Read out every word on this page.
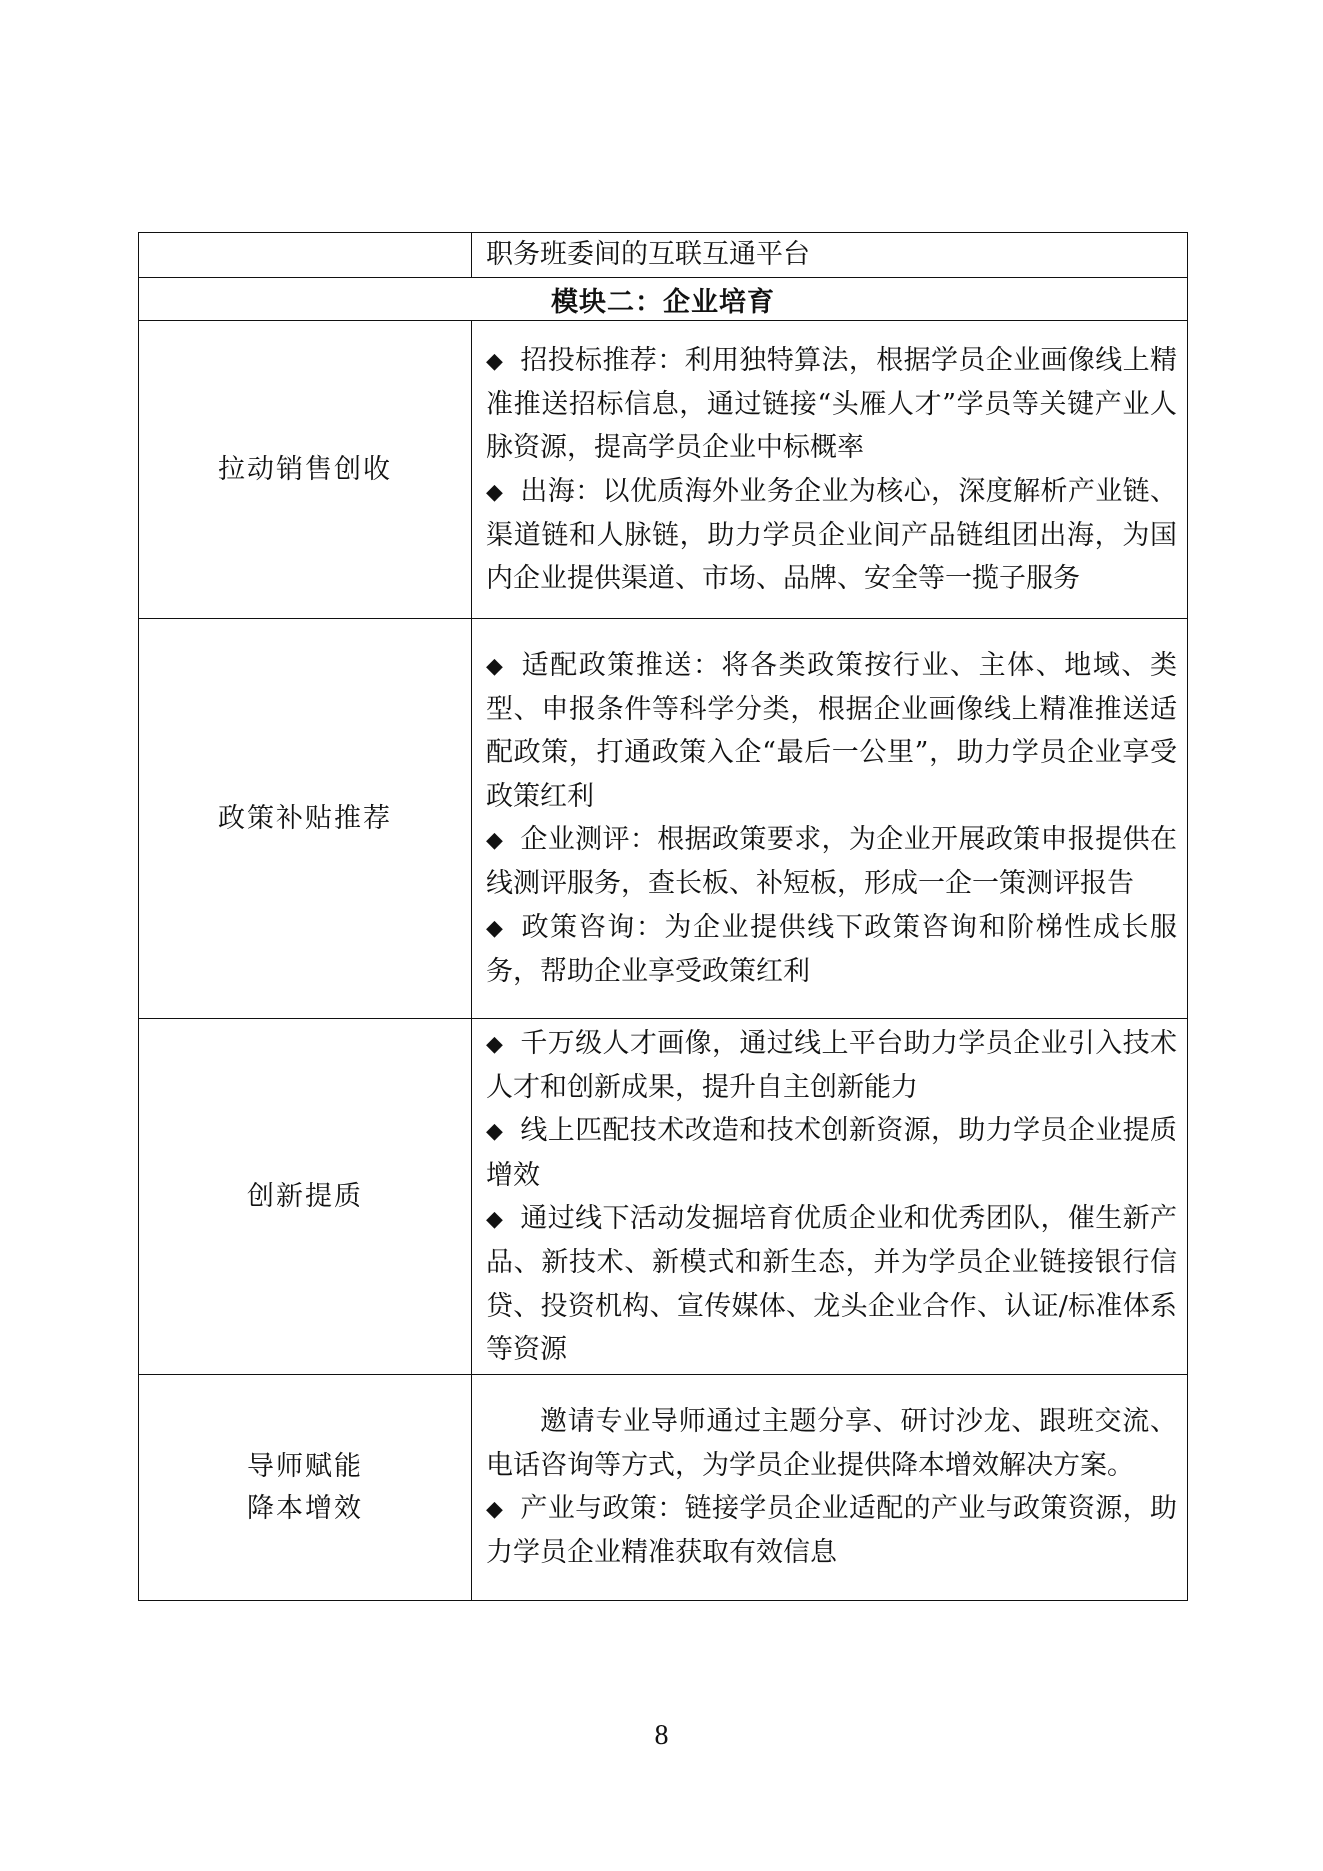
	职务班委间的互联互通平台
模块二：企业培育	

拉动销售创收	◆ 招投标推荐：利用独特算法，根据学员企业画像线上精准推送招标信息，通过链接“头雁人才”学员等关键产业人脉资源，提高学员企业中标概率
◆ 出海：以优质海外业务企业为核心，深度解析产业链、渠道链和人脉链，助力学员企业间产品链组团出海，为国内企业提供渠道、市场、品牌、安全等一揽子服务

政策补贴推荐	◆ 适配政策推送：将各类政策按行业、主体、地域、类型、申报条件等科学分类，根据企业画像线上精准推送适配政策，打通政策入企“最后一公里”，助力学员企业享受政策红利
◆ 企业测评：根据政策要求，为企业开展政策申报提供在线测评服务，查长板、补短板，形成一企一策测评报告
◆ 政策咨询：为企业提供线下政策咨询和阶梯性成长服务，帮助企业享受政策红利

创新提质	◆ 千万级人才画像，通过线上平台助力学员企业引入技术人才和创新成果，提升自主创新能力
◆ 线上匹配技术改造和技术创新资源，助力学员企业提质增效
◆ 通过线下活动发掘培育优质企业和优秀团队，催生新产品、新技术、新模式和新生态，并为学员企业链接银行信贷、投资机构、宣传媒体、龙头企业合作、认证/标准体系等资源

导师赋能
降本增效	邀请专业导师通过主题分享、研讨沙龙、跟班交流、电话咨询等方式，为学员企业提供降本增效解决方案。
◆ 产业与政策：链接学员企业适配的产业与政策资源，助力学员企业精准获取有效信息
8
